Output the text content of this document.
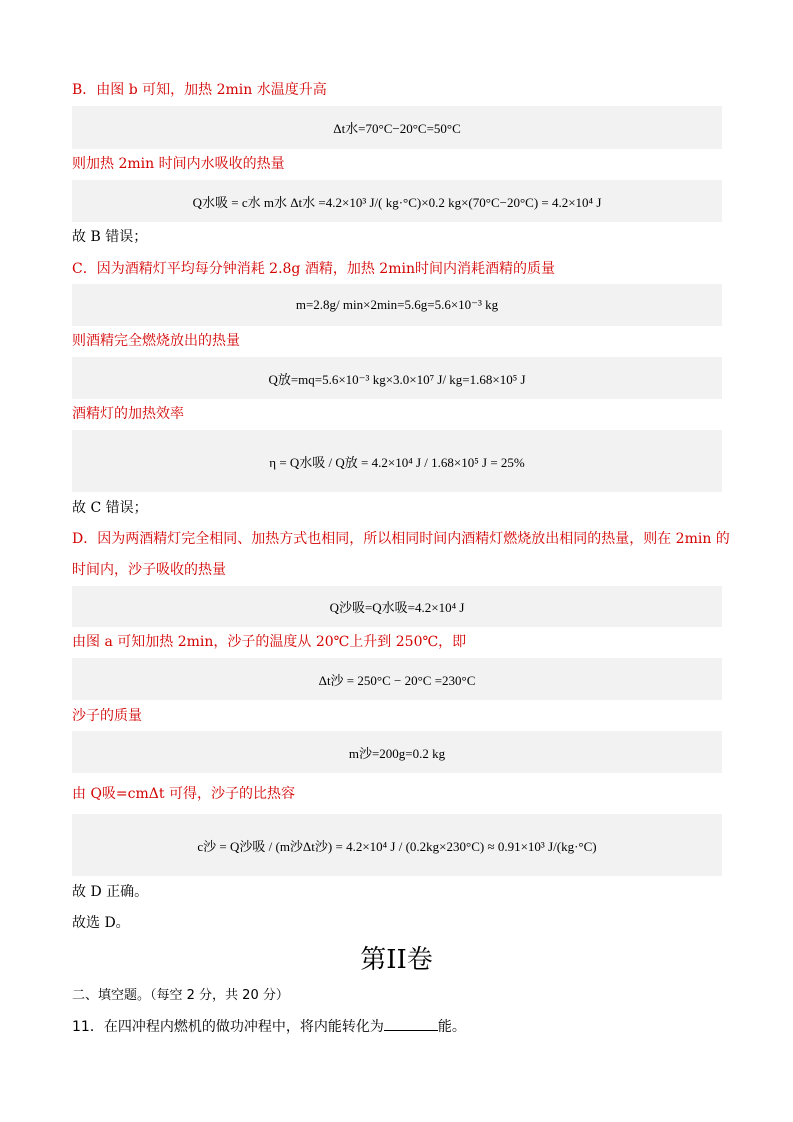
B．由图 b 可知，加热 2min 水温度升高
Δt水=70°C−20°C=50°C
则加热 2min 时间内水吸收的热量
Q水吸 = c水 m水 Δt水 =4.2×10³ J/( kg·°C)×0.2 kg×(70°C−20°C) = 4.2×10⁴ J
故 B 错误；
C．因为酒精灯平均每分钟消耗 2.8g 酒精，加热 2min时间内消耗酒精的质量
m=2.8g/ min×2min=5.6g=5.6×10⁻³ kg
则酒精完全燃烧放出的热量
Q放=mq=5.6×10⁻³ kg×3.0×10⁷ J/ kg=1.68×10⁵ J
酒精灯的加热效率
η = Q水吸 / Q放 = 4.2×10⁴ J / 1.68×10⁵ J = 25%
故 C 错误；
D．因为两酒精灯完全相同、加热方式也相同，所以相同时间内酒精灯燃烧放出相同的热量，则在 2min 的
时间内，沙子吸收的热量
Q沙吸=Q水吸=4.2×10⁴ J
由图 a 可知加热 2min，沙子的温度从 20℃上升到 250℃，即
Δt沙 = 250°C − 20°C =230°C
沙子的质量
m沙=200g=0.2 kg
由 Q吸=cmΔt 可得，沙子的比热容
c沙 = Q沙吸 / (m沙Δt沙) = 4.2×10⁴ J / (0.2kg×230°C) ≈ 0.91×10³ J/(kg·°C)
故 D 正确。
故选 D。
第II卷
二、填空题。（每空 2 分，共 20 分）
11．在四冲程内燃机的做功冲程中，将内能转化为	能。
